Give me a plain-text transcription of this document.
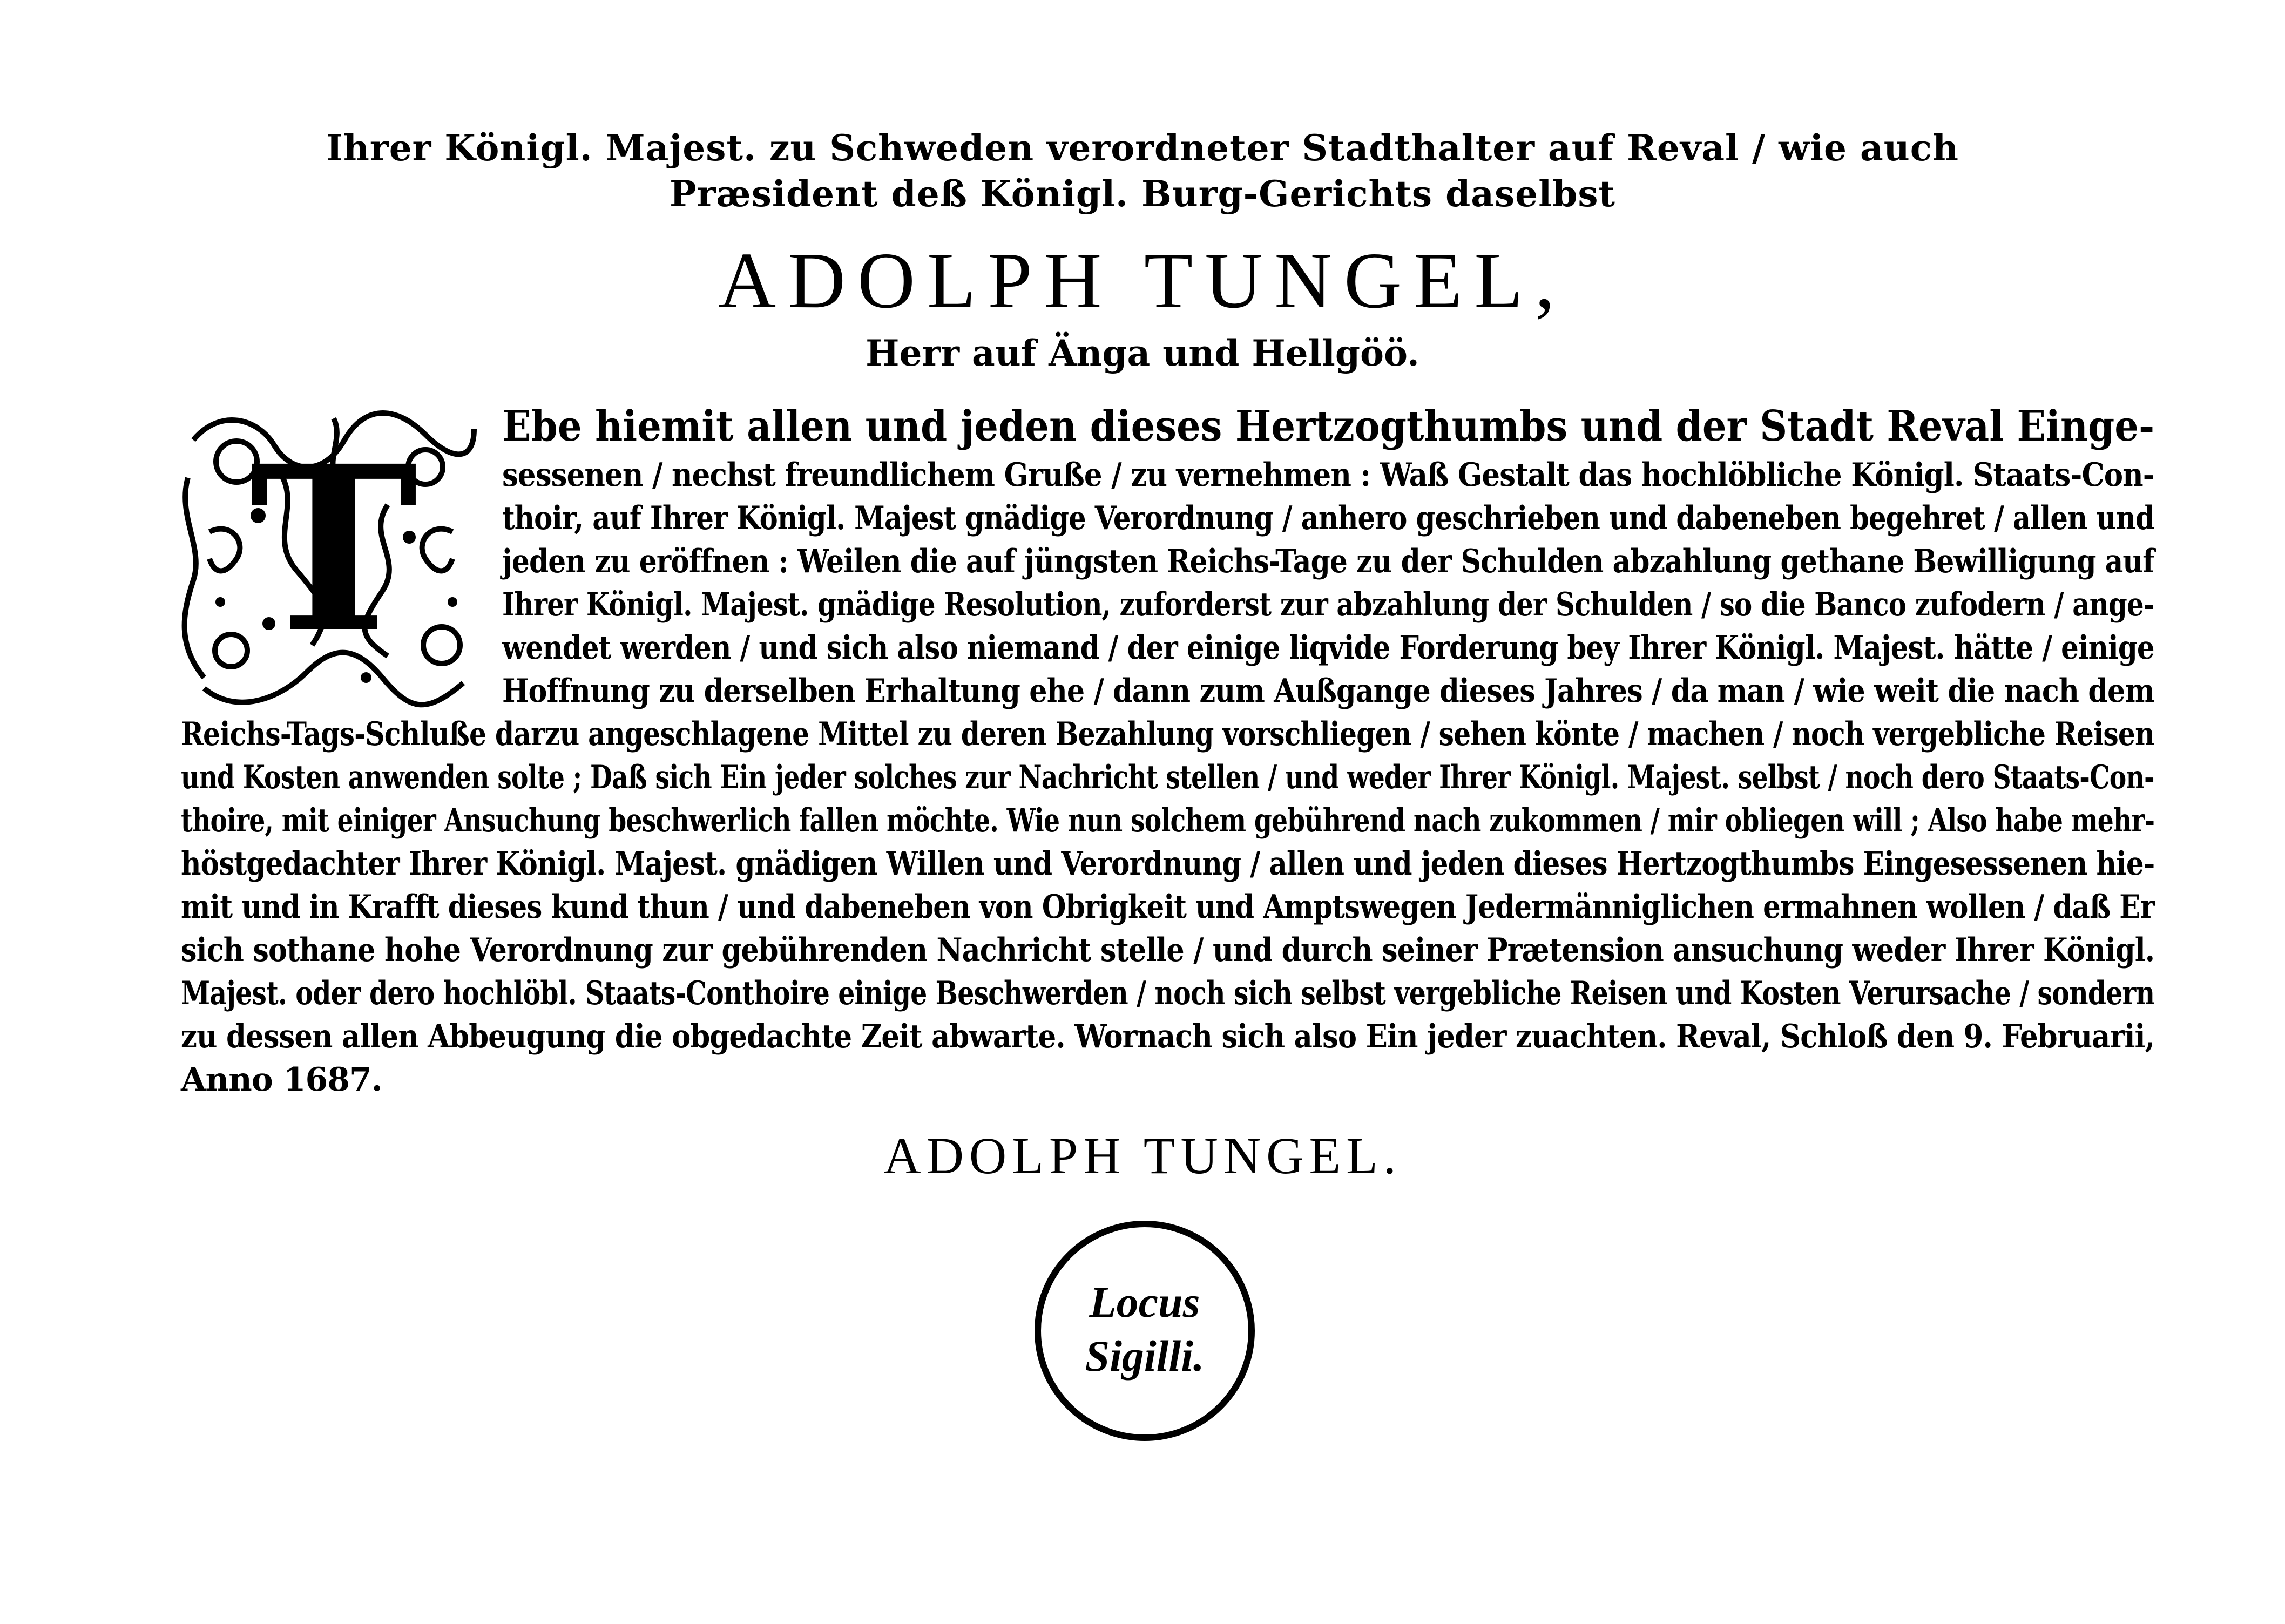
Ihrer Königl. Majest. zu Schweden verordneter Stadthalter auf Reval / wie auch
Præsident deß Königl. Burg-Gerichts daselbst
ADOLPH TUNGEL,
Herr auf Änga und Hellgöö.
T Ebe hiemit allen und jeden dieses Hertzogthumbs und der Stadt Reval Einge-
sessenen / nechst freundlichem Gruße / zu vernehmen : Waß Gestalt das hochlöbliche Königl. Staats-Con-
thoir, auf Ihrer Königl. Majest gnädige Verordnung / anhero geschrieben und dabeneben begehret / allen und
jeden zu eröffnen : Weilen die auf jüngsten Reichs-Tage zu der Schulden abzahlung gethane Bewilligung auf
Ihrer Königl. Majest. gnädige Resolution, zuforderst zur abzahlung der Schulden / so die Banco zufodern / ange-
wendet werden / und sich also niemand / der einige liqvide Forderung bey Ihrer Königl. Majest. hätte / einige
Hoffnung zu derselben Erhaltung ehe / dann zum Außgange dieses Jahres / da man / wie weit die nach dem
Reichs-Tags-Schluße darzu angeschlagene Mittel zu deren Bezahlung vorschliegen / sehen könte / machen / noch vergebliche Reisen
und Kosten anwenden solte ; Daß sich Ein jeder solches zur Nachricht stellen / und weder Ihrer Königl. Majest. selbst / noch dero Staats-Con-
thoire, mit einiger Ansuchung beschwerlich fallen möchte. Wie nun solchem gebührend nach zukommen / mir obliegen will ; Also habe mehr-
höstgedachter Ihrer Königl. Majest. gnädigen Willen und Verordnung / allen und jeden dieses Hertzogthumbs Eingesessenen hie-
mit und in Krafft dieses kund thun / und dabeneben von Obrigkeit und Amptswegen Jedermänniglichen ermahnen wollen / daß Er
sich sothane hohe Verordnung zur gebührenden Nachricht stelle / und durch seiner Prætension ansuchung weder Ihrer Königl.
Majest. oder dero hochlöbl. Staats-Conthoire einige Beschwerden / noch sich selbst vergebliche Reisen und Kosten Verursache / sondern
zu dessen allen Abbeugung die obgedachte Zeit abwarte. Wornach sich also Ein jeder zuachten. Reval, Schloß den 9. Februarii,
Anno 1687.
ADOLPH TUNGEL.
Locus
Sigilli.
